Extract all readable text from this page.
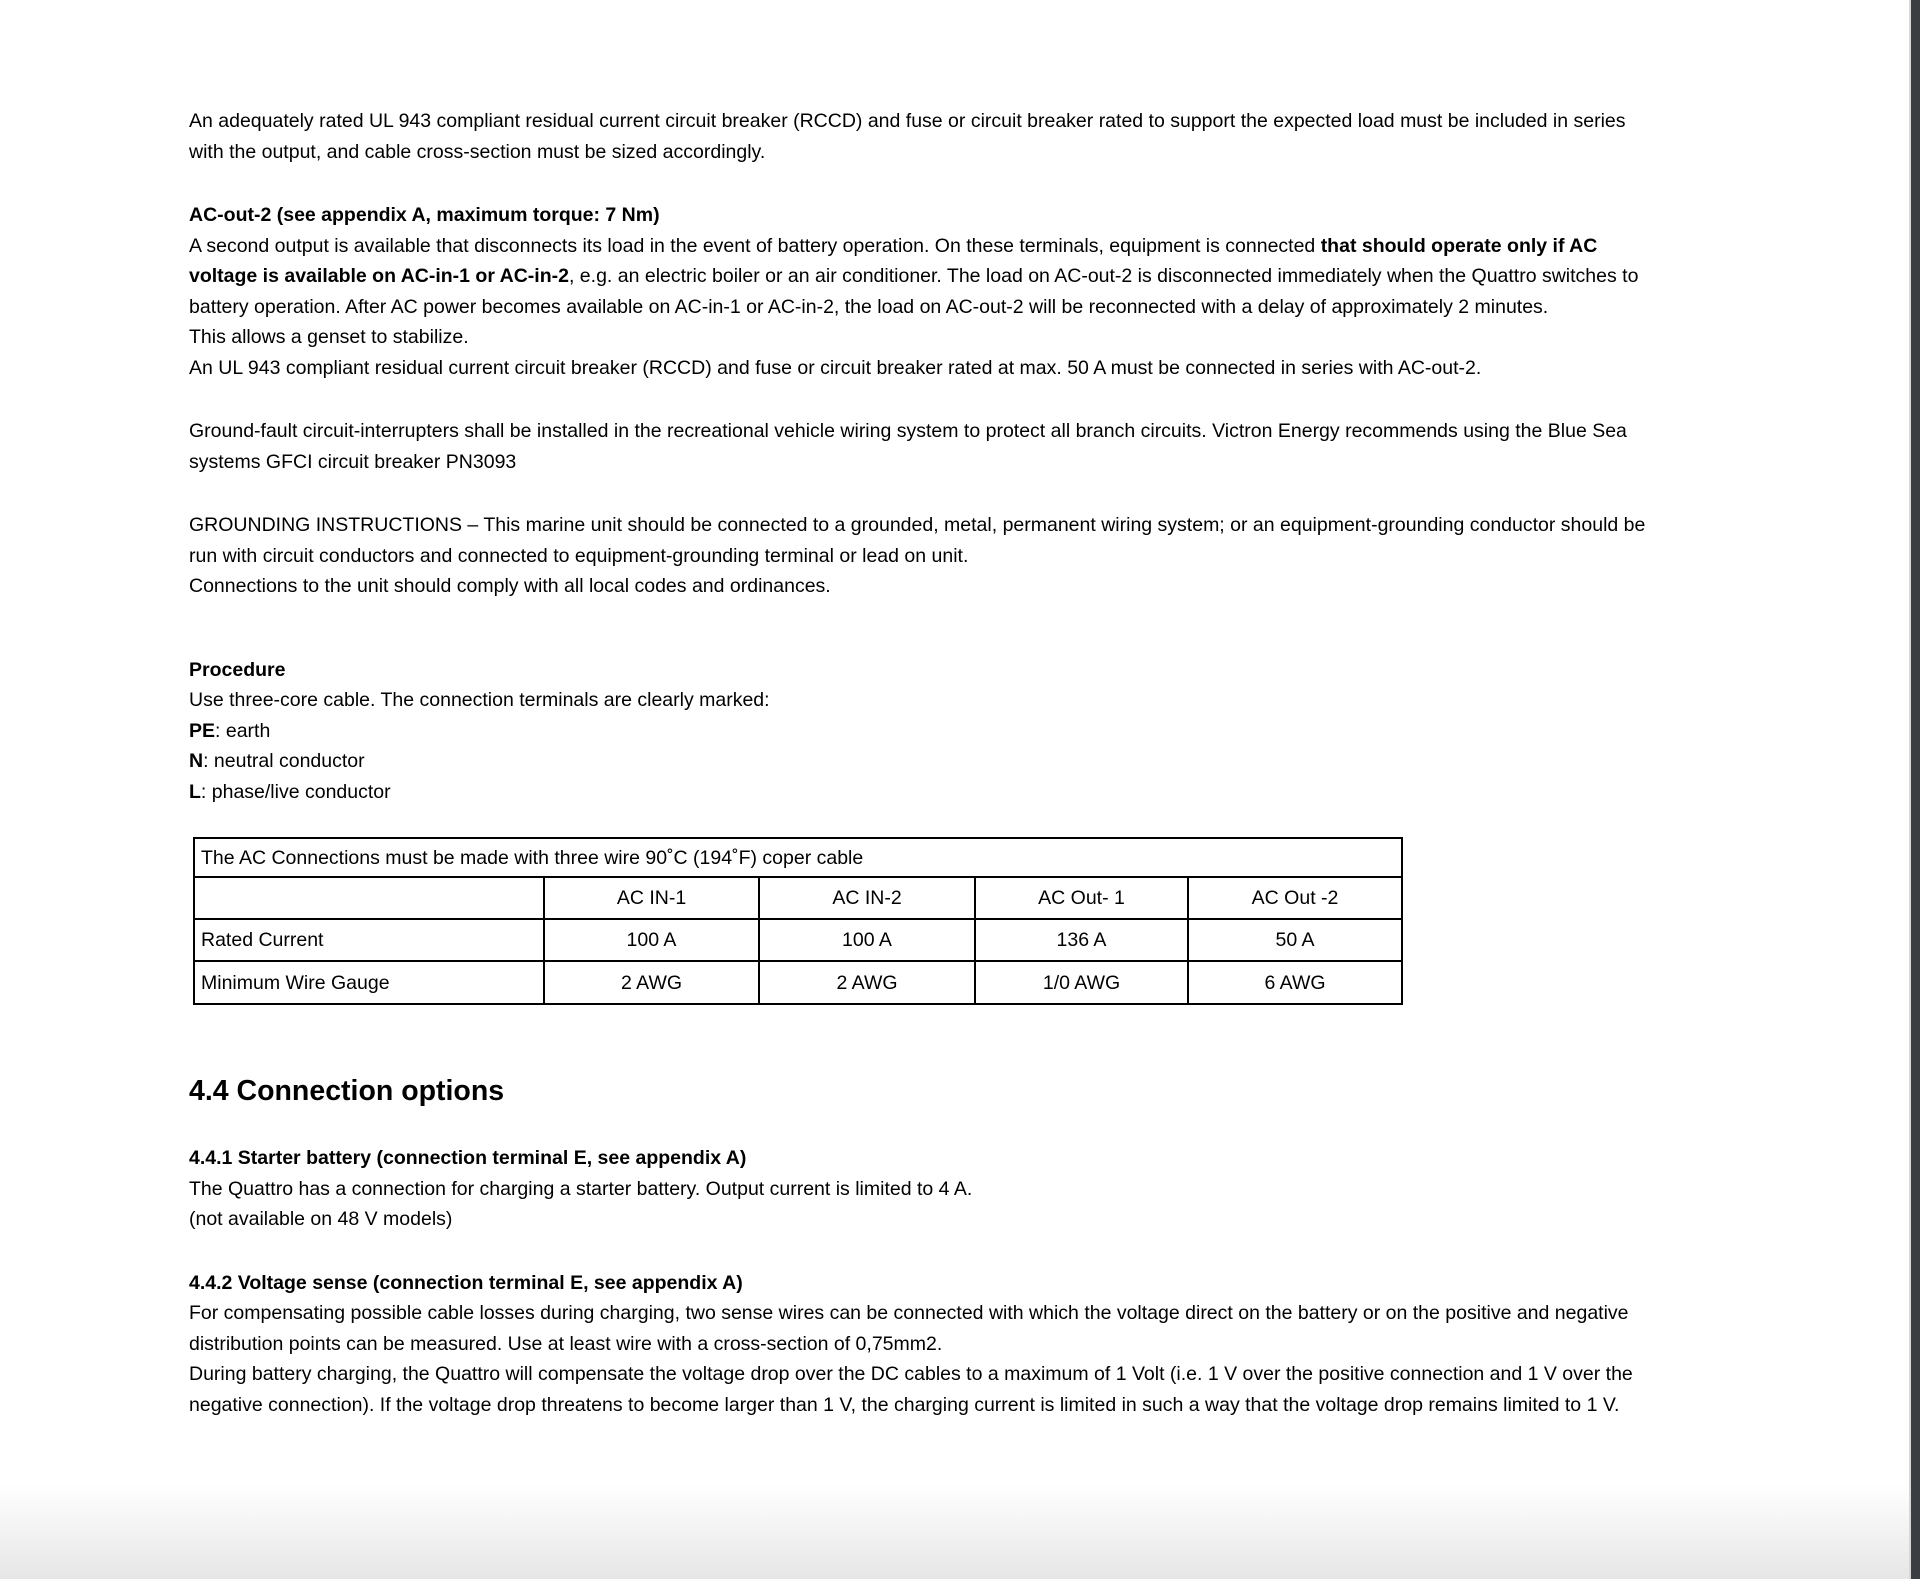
An adequately rated UL 943 compliant residual current circuit breaker (RCCD) and fuse or circuit breaker rated to support the expected load must be included in series with the output, and cable cross-section must be sized accordingly.

AC-out-2 (see appendix A, maximum torque: 7 Nm)
A second output is available that disconnects its load in the event of battery operation. On these terminals, equipment is connected that should operate only if AC voltage is available on AC-in-1 or AC-in-2, e.g. an electric boiler or an air conditioner. The load on AC-out-2 is disconnected immediately when the Quattro switches to battery operation. After AC power becomes available on AC-in-1 or AC-in-2, the load on AC-out-2 will be reconnected with a delay of approximately 2 minutes.
This allows a genset to stabilize.
An UL 943 compliant residual current circuit breaker (RCCD) and fuse or circuit breaker rated at max. 50 A must be connected in series with AC-out-2.

Ground-fault circuit-interrupters shall be installed in the recreational vehicle wiring system to protect all branch circuits. Victron Energy recommends using the Blue Sea systems GFCI circuit breaker PN3093

GROUNDING INSTRUCTIONS – This marine unit should be connected to a grounded, metal, permanent wiring system; or an equipment-grounding conductor should be run with circuit conductors and connected to equipment-grounding terminal or lead on unit.
Connections to the unit should comply with all local codes and ordinances.
Procedure
Use three-core cable. The connection terminals are clearly marked:
PE: earth
N: neutral conductor
L: phase/live conductor
The AC Connections must be made with three wire 90˚C (194˚F) coper cable				
	AC IN-1	AC IN-2	AC Out- 1	AC Out -2
Rated Current	100 A	100 A	136 A	50 A
Minimum Wire Gauge	2 AWG	2 AWG	1/0 AWG	6 AWG
4.4 Connection options
4.4.1 Starter battery (connection terminal E, see appendix A)
The Quattro has a connection for charging a starter battery. Output current is limited to 4 A.
(not available on 48 V models)
4.4.2 Voltage sense (connection terminal E, see appendix A)
For compensating possible cable losses during charging, two sense wires can be connected with which the voltage direct on the battery or on the positive and negative distribution points can be measured. Use at least wire with a cross-section of 0,75mm2.
During battery charging, the Quattro will compensate the voltage drop over the DC cables to a maximum of 1 Volt (i.e. 1 V over the positive connection and 1 V over the negative connection). If the voltage drop threatens to become larger than 1 V, the charging current is limited in such a way that the voltage drop remains limited to 1 V.
